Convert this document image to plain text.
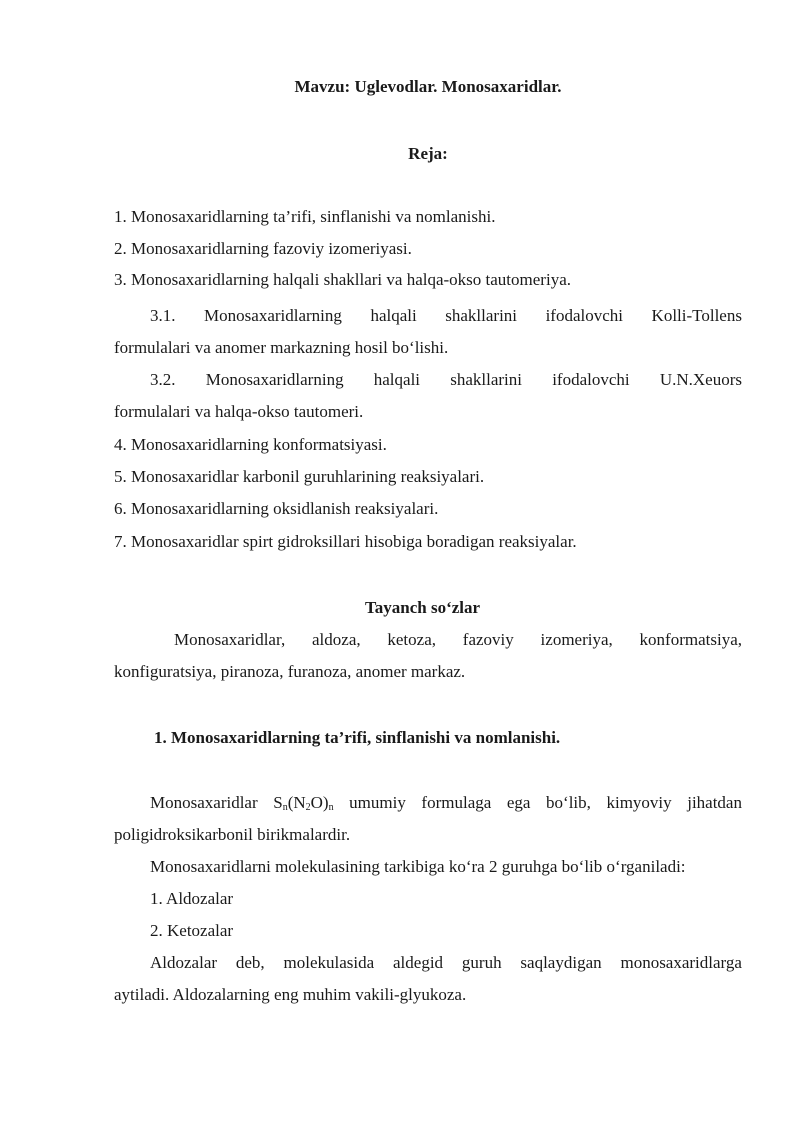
Mavzu: Uglevodlar. Monosaxaridlar.
Reja:
1. Monosaxaridlarning ta’rifi, sinflanishi va nomlanishi.
2. Monosaxaridlarning fazoviy izomeriyasi.
3. Monosaxaridlarning halqali shakllari va halqa-okso tautomeriya.
3.1. Monosaxaridlarning halqali shakllarini ifodalovchi Kolli-Tollens
formulalari va anomer markazning hosil bo‘lishi.
3.2. Monosaxaridlarning halqali shakllarini ifodalovchi U.N.Xeuors
formulalari va halqa-okso tautomeri.
4. Monosaxaridlarning konformatsiyasi.
5. Monosaxaridlar karbonil guruhlarining reaksiyalari.
6. Monosaxaridlarning oksidlanish reaksiyalari.
7. Monosaxaridlar spirt gidroksillari hisobiga boradigan reaksiyalar.
Tayanch so‘zlar
Monosaxaridlar, aldoza, ketoza, fazoviy izomeriya, konformatsiya,
konfiguratsiya, piranoza, furanoza, anomer markaz.
1. Monosaxaridlarning ta’rifi, sinflanishi va nomlanishi.
Monosaxaridlar $S_n(N_2O)_n$ umumiy formulaga ega bo‘lib, kimyoviy jihatdan
poligidroksikarbonil birikmalardir.
Monosaxaridlarni molekulasining tarkibiga ko‘ra 2 guruhga bo‘lib o‘rganiladi:
1. Aldozalar
2. Ketozalar
Aldozalar deb, molekulasida aldegid guruh saqlaydigan monosaxaridlarga
aytiladi. Aldozalarning eng muhim vakili-glyukoza.
